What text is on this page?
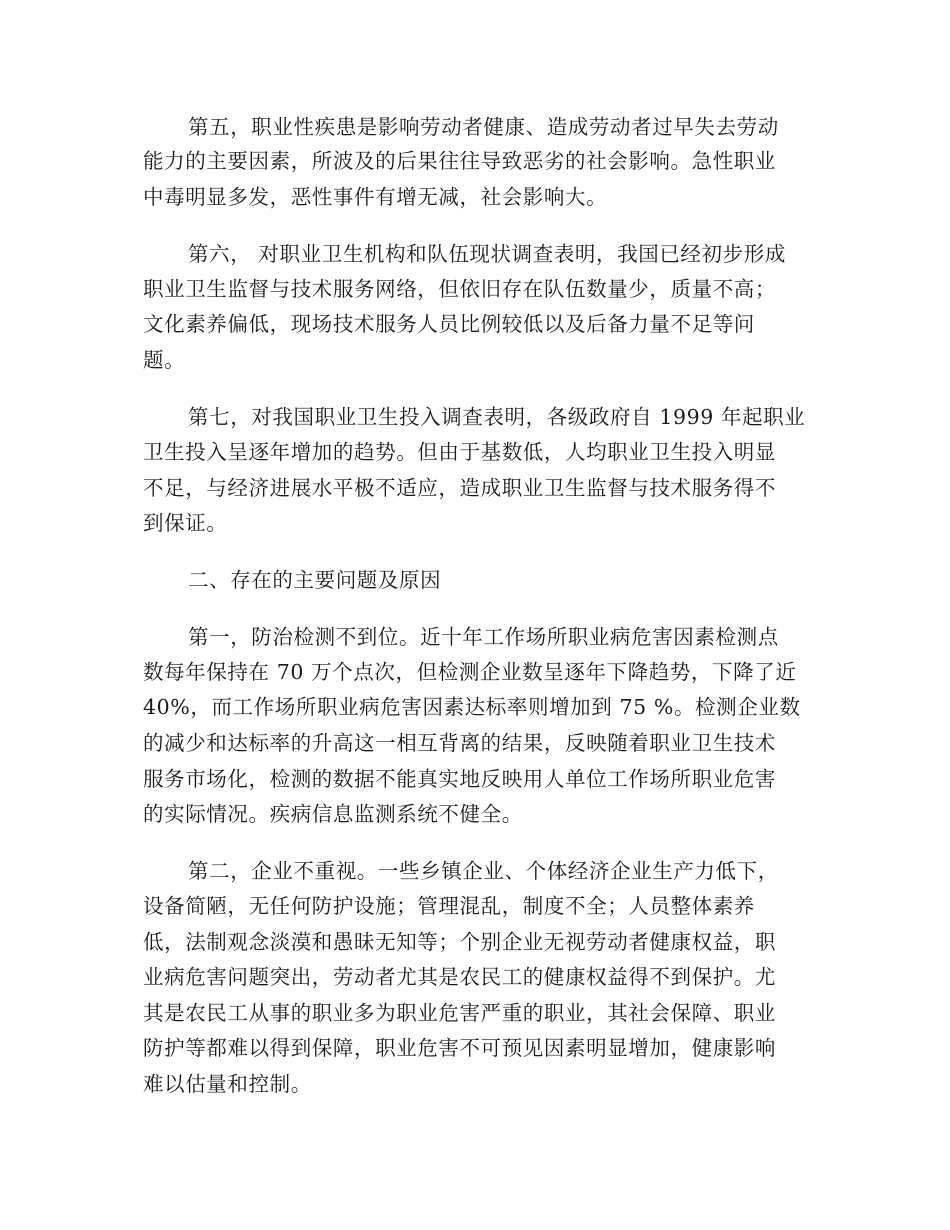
第五，职业性疾患是影响劳动者健康、造成劳动者过早失去劳动
能力的主要因素，所波及的后果往往导致恶劣的社会影响。急性职业
中毒明显多发，恶性事件有增无减，社会影响大。
第六， 对职业卫生机构和队伍现状调查表明，我国已经初步形成
职业卫生监督与技术服务网络，但依旧存在队伍数量少，质量不高；
文化素养偏低，现场技术服务人员比例较低以及后备力量不足等问
题。
第七，对我国职业卫生投入调查表明，各级政府自 1999 年起职业
卫生投入呈逐年增加的趋势。但由于基数低，人均职业卫生投入明显
不足，与经济进展水平极不适应，造成职业卫生监督与技术服务得不
到保证。
二、存在的主要问题及原因
第一，防治检测不到位。近十年工作场所职业病危害因素检测点
数每年保持在 70 万个点次，但检测企业数呈逐年下降趋势，下降了近
40%，而工作场所职业病危害因素达标率则增加到 75 %。检测企业数
的减少和达标率的升高这一相互背离的结果，反映随着职业卫生技术
服务市场化，检测的数据不能真实地反映用人单位工作场所职业危害
的实际情况。疾病信息监测系统不健全。
第二，企业不重视。一些乡镇企业、个体经济企业生产力低下，
设备简陋，无任何防护设施；管理混乱，制度不全；人员整体素养
低，法制观念淡漠和愚昧无知等；个别企业无视劳动者健康权益，职
业病危害问题突出，劳动者尤其是农民工的健康权益得不到保护。尤
其是农民工从事的职业多为职业危害严重的职业，其社会保障、职业
防护等都难以得到保障，职业危害不可预见因素明显增加，健康影响
难以估量和控制。
